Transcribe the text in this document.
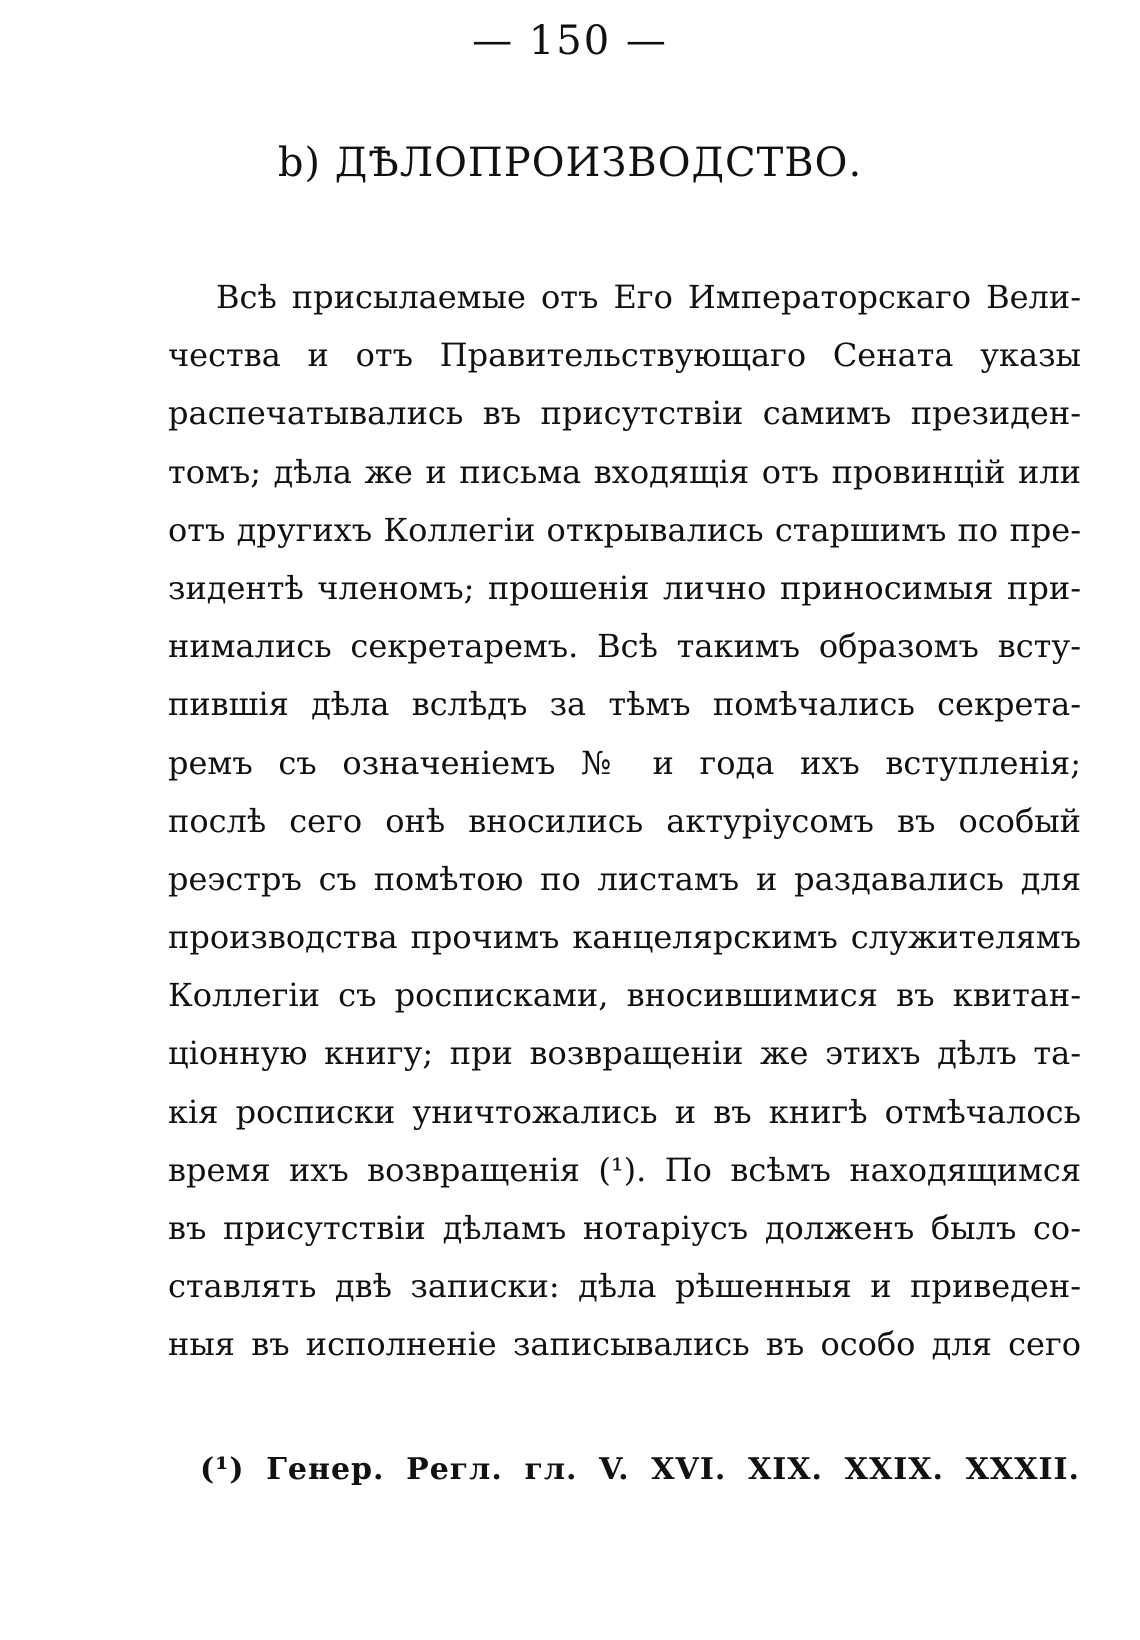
— 150 —
b) ДѢЛОПРОИЗВОДСТВО.
Всѣ присылаемые отъ Его Императорскаго Вели-
чества и отъ Правительствующаго Сената указы
распечатывались въ присутствіи самимъ президен-
томъ; дѣла же и письма входящія отъ провинцій или
отъ другихъ Коллегіи открывались старшимъ по пре-
зидентѣ членомъ; прошенія лично приносимыя при-
нимались секретаремъ. Всѣ такимъ образомъ всту-
пившія дѣла вслѣдъ за тѣмъ помѣчались секрета-
ремъ съ означеніемъ № и года ихъ вступленія;
послѣ сего онѣ вносились актуріусомъ въ особый
реэстръ съ помѣтою по листамъ и раздавались для
производства прочимъ канцелярскимъ служителямъ
Коллегіи съ росписками, вносившимися въ квитан-
ціонную книгу; при возвращеніи же этихъ дѣлъ та-
кія росписки уничтожались и въ книгѣ отмѣчалось
время ихъ возвращенія (¹). По всѣмъ находящимся
въ присутствіи дѣламъ нотаріусъ долженъ былъ со-
ставлять двѣ записки: дѣла рѣшенныя и приведен-
ныя въ исполненіе записывались въ особо для сего
(¹) Генер. Регл. гл. V. XVI. XIX. XXIX. XXXII.
